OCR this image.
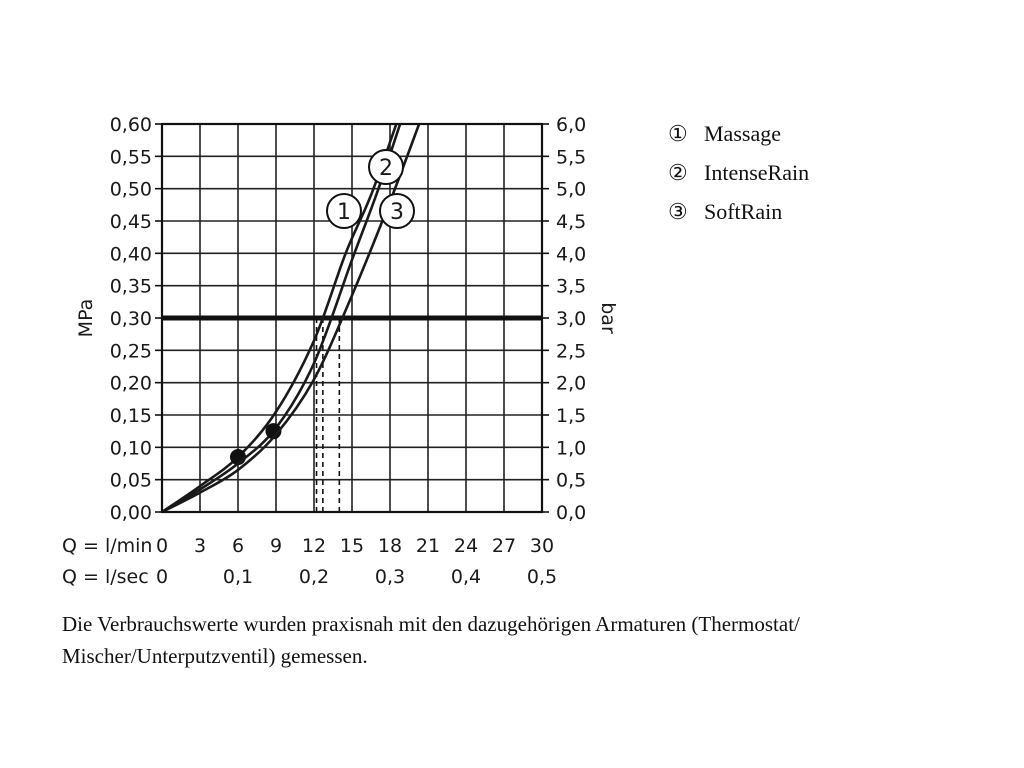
1
2
3
0,00
0,05
0,10
0,15
0,20
0,25
0,30
0,35
0,40
0,45
0,50
0,55
0,60
0,0
0,5
1,0
1,5
2,0
2,5
3,0
3,5
4,0
4,5
5,0
5,5
6,0
0 3 6 9 12 15 18 21 24 27 30
0	0,1 0,2 0,3 0,4 0,5
Q = l/min
Q = l/sec
MPa	bar
① Massage
② IntenseRain
③ SoftRain
Die Verbrauchswerte wurden praxisnah mit den dazugehörigen Armaturen (Thermostat/
Mischer/Unterputzventil) gemessen.
